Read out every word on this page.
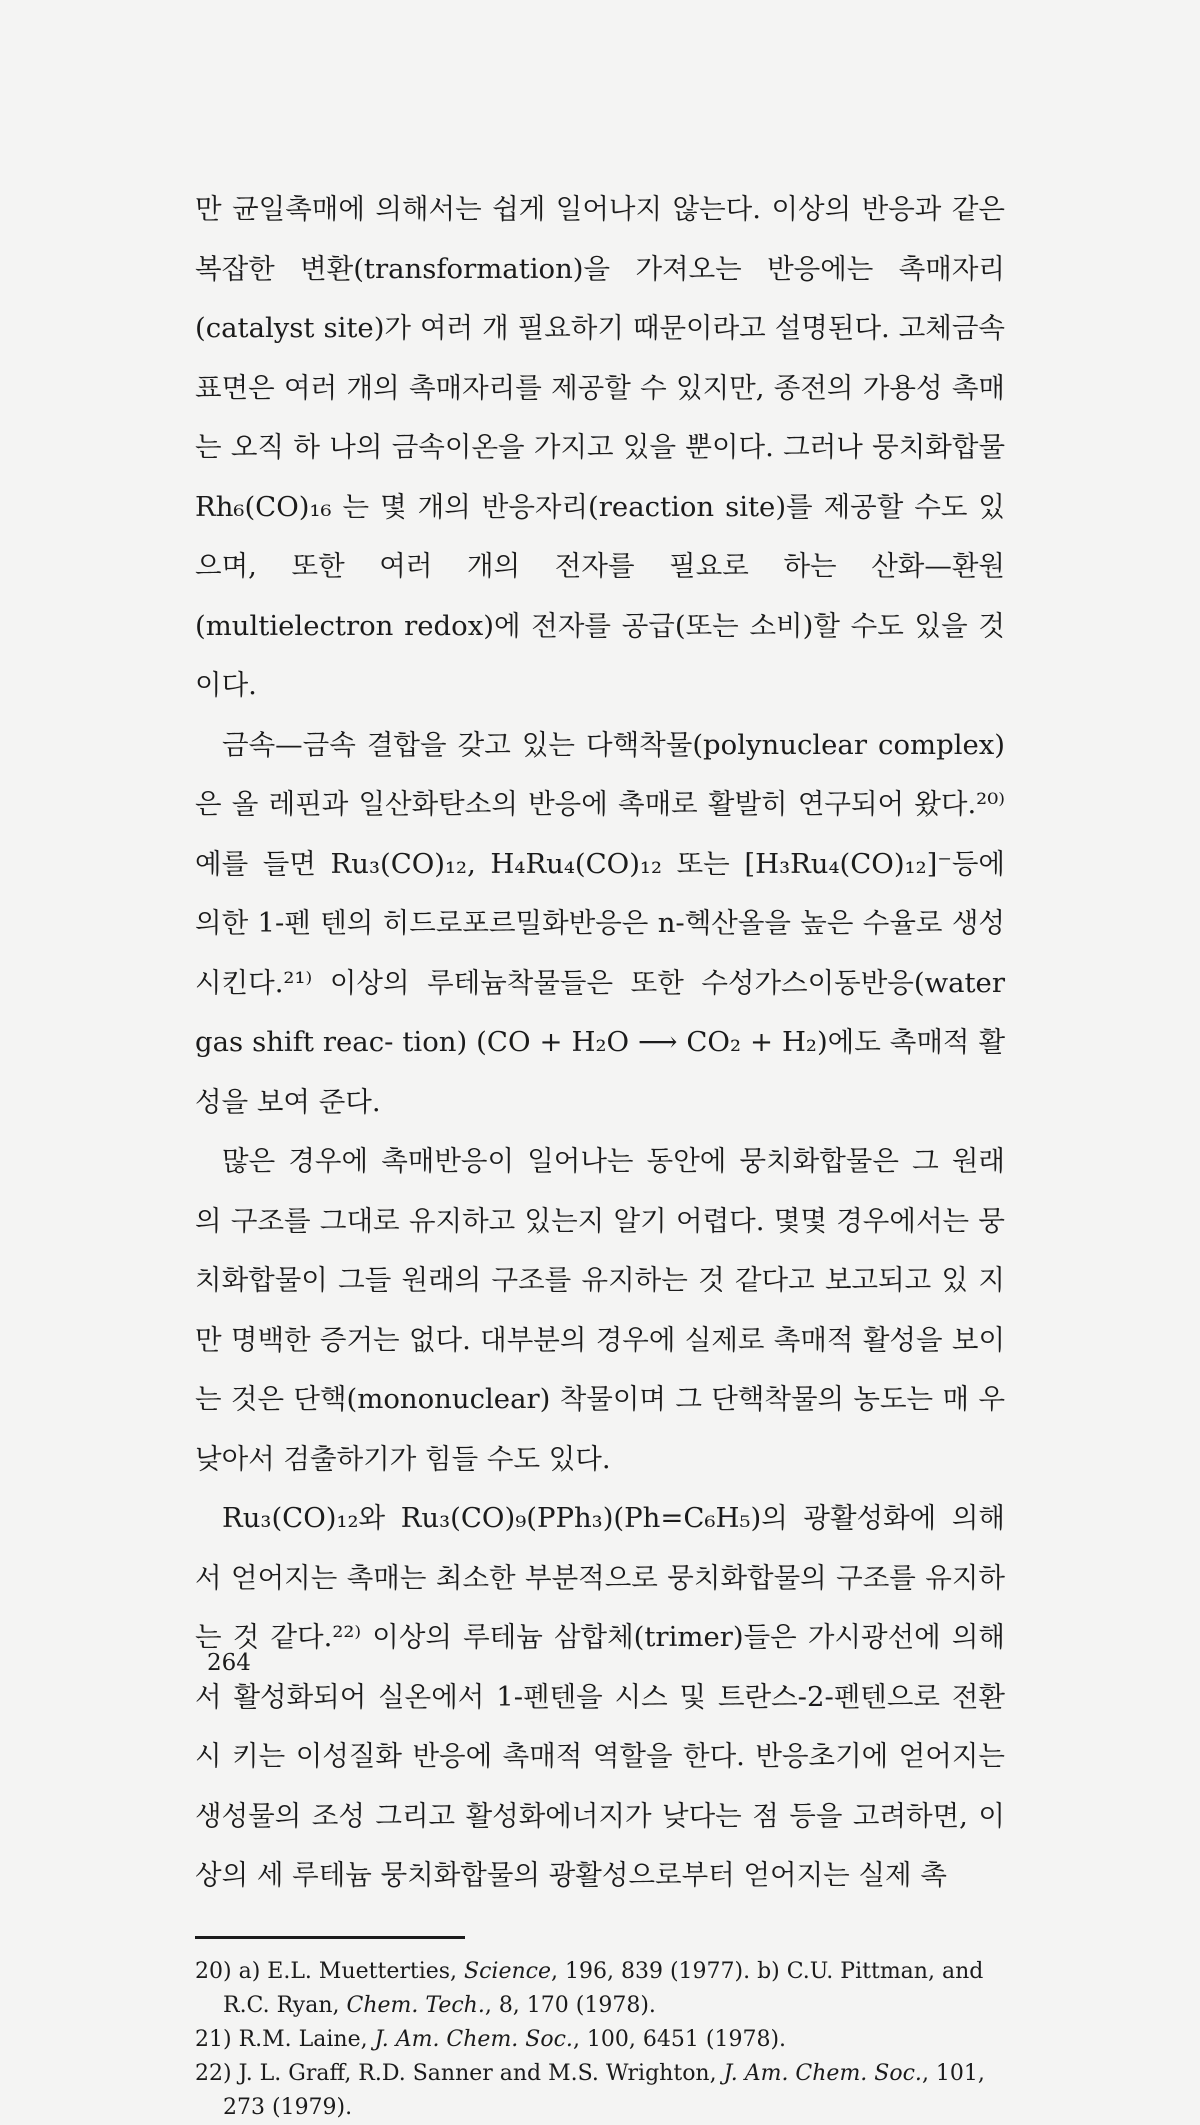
만 균일촉매에 의해서는 쉽게 일어나지 않는다. 이상의 반응과 같은 복잡한 변환(transformation)을 가져오는 반응에는 촉매자리(catalyst site)가 여러 개 필요하기 때문이라고 설명된다. 고체금속 표면은 여러 개의 촉매자리를 제공할 수 있지만, 종전의 가용성 촉매는 오직 하 나의 금속이온을 가지고 있을 뿐이다. 그러나 뭉치화합물 Rh₆(CO)₁₆ 는 몇 개의 반응자리(reaction site)를 제공할 수도 있으며, 또한 여러 개의 전자를 필요로 하는 산화—환원(multielectron redox)에 전자를 공급(또는 소비)할 수도 있을 것이다.

금속—금속 결합을 갖고 있는 다핵착물(polynuclear complex)은 올 레핀과 일산화탄소의 반응에 촉매로 활발히 연구되어 왔다.²⁰⁾ 예를 들면 Ru₃(CO)₁₂, H₄Ru₄(CO)₁₂ 또는 [H₃Ru₄(CO)₁₂]⁻등에 의한 1-펜 텐의 히드로포르밀화반응은 n-헥산올을 높은 수율로 생성시킨다.²¹⁾ 이상의 루테늄착물들은 또한 수성가스이동반응(water gas shift reac- tion) (CO + H₂O ⟶ CO₂ + H₂)에도 촉매적 활성을 보여 준다.

많은 경우에 촉매반응이 일어나는 동안에 뭉치화합물은 그 원래 의 구조를 그대로 유지하고 있는지 알기 어렵다. 몇몇 경우에서는 뭉치화합물이 그들 원래의 구조를 유지하는 것 같다고 보고되고 있 지만 명백한 증거는 없다. 대부분의 경우에 실제로 촉매적 활성을 보이는 것은 단핵(mononuclear) 착물이며 그 단핵착물의 농도는 매 우 낮아서 검출하기가 힘들 수도 있다.

Ru₃(CO)₁₂와 Ru₃(CO)₉(PPh₃)(Ph=C₆H₅)의 광활성화에 의해서 얻어지는 촉매는 최소한 부분적으로 뭉치화합물의 구조를 유지하는 것 같다.²²⁾ 이상의 루테늄 삼합체(trimer)들은 가시광선에 의해서 활성화되어 실온에서 1-펜텐을 시스 및 트란스-2-펜텐으로 전환시 키는 이성질화 반응에 촉매적 역할을 한다. 반응초기에 얻어지는 생성물의 조성 그리고 활성화에너지가 낮다는 점 등을 고려하면, 이상의 세 루테늄 뭉치화합물의 광활성으로부터 얻어지는 실제 촉

20) a) E.L. Muetterties, Science, 196, 839 (1977). b) C.U. Pittman, and R.C. Ryan, Chem. Tech., 8, 170 (1978).
21) R.M. Laine, J. Am. Chem. Soc., 100, 6451 (1978).
22) J. L. Graff, R.D. Sanner and M.S. Wrighton, J. Am. Chem. Soc., 101, 273 (1979).
264
